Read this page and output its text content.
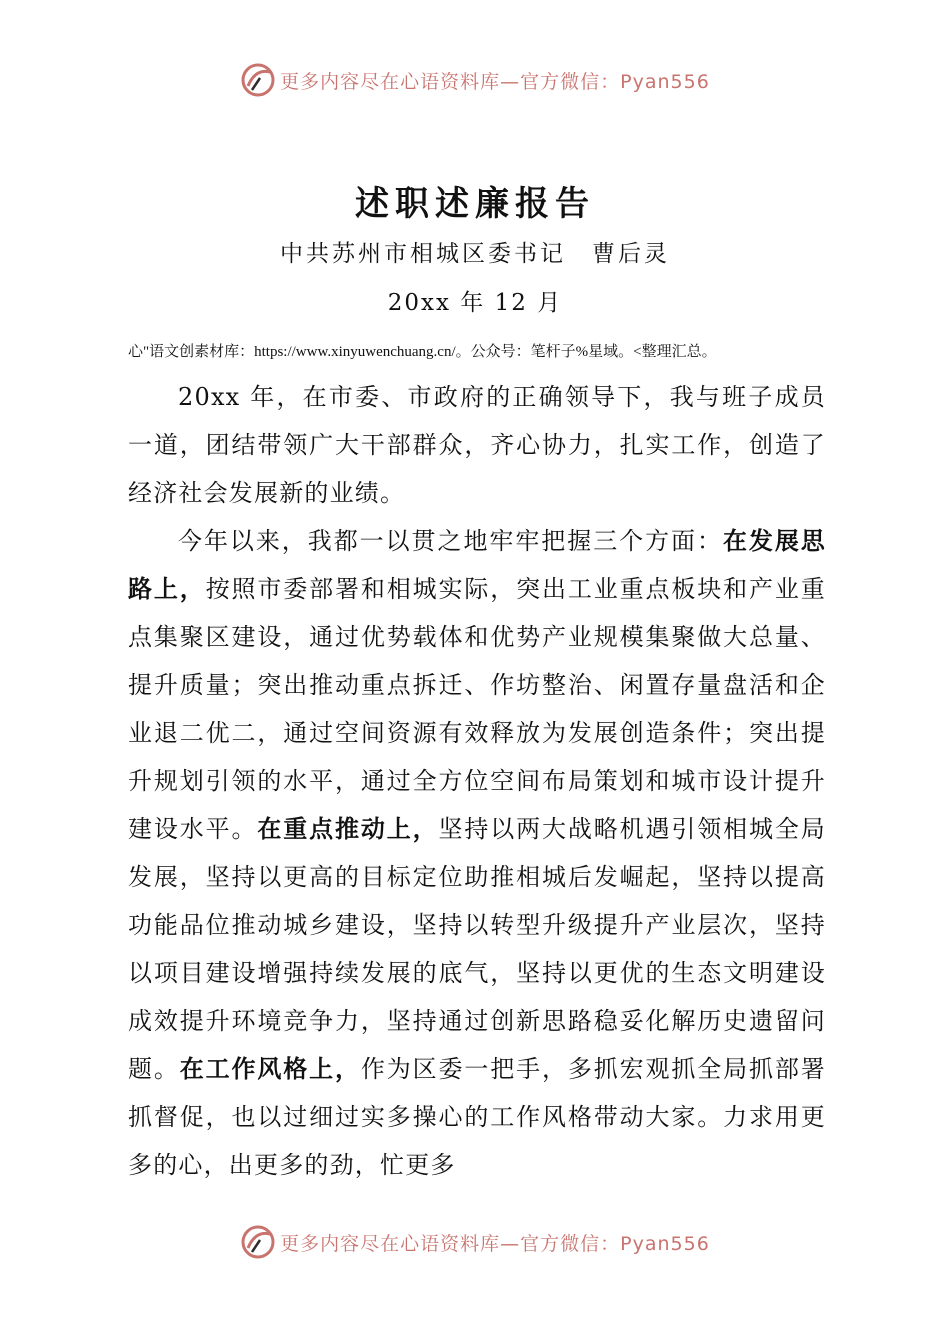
更多内容尽在心语资料库—官方微信：Pyan556
述职述廉报告
中共苏州市相城区委书记　曹后灵
20xx 年 12 月
心"语文创素材库：https://www.xinyuwenchuang.cn/。公众号：笔杆子%星域。<整理汇总。

20xx 年，在市委、市政府的正确领导下，我与班子成员一道，团结带领广大干部群众，齐心协力，扎实工作，创造了经济社会发展新的业绩。

今年以来，我都一以贯之地牢牢把握三个方面：在发展思路上，按照市委部署和相城实际，突出工业重点板块和产业重点集聚区建设，通过优势载体和优势产业规模集聚做大总量、提升质量；突出推动重点拆迁、作坊整治、闲置存量盘活和企业退二优二，通过空间资源有效释放为发展创造条件；突出提升规划引领的水平，通过全方位空间布局策划和城市设计提升建设水平。在重点推动上，坚持以两大战略机遇引领相城全局发展，坚持以更高的目标定位助推相城后发崛起，坚持以提高功能品位推动城乡建设，坚持以转型升级提升产业层次，坚持以项目建设增强持续发展的底气，坚持以更优的生态文明建设成效提升环境竞争力，坚持通过创新思路稳妥化解历史遗留问题。在工作风格上，作为区委一把手，多抓宏观抓全局抓部署抓督促，也以过细过实多操心的工作风格带动大家。力求用更多的心，出更多的劲，忙更多

更多内容尽在心语资料库—官方微信：Pyan556
